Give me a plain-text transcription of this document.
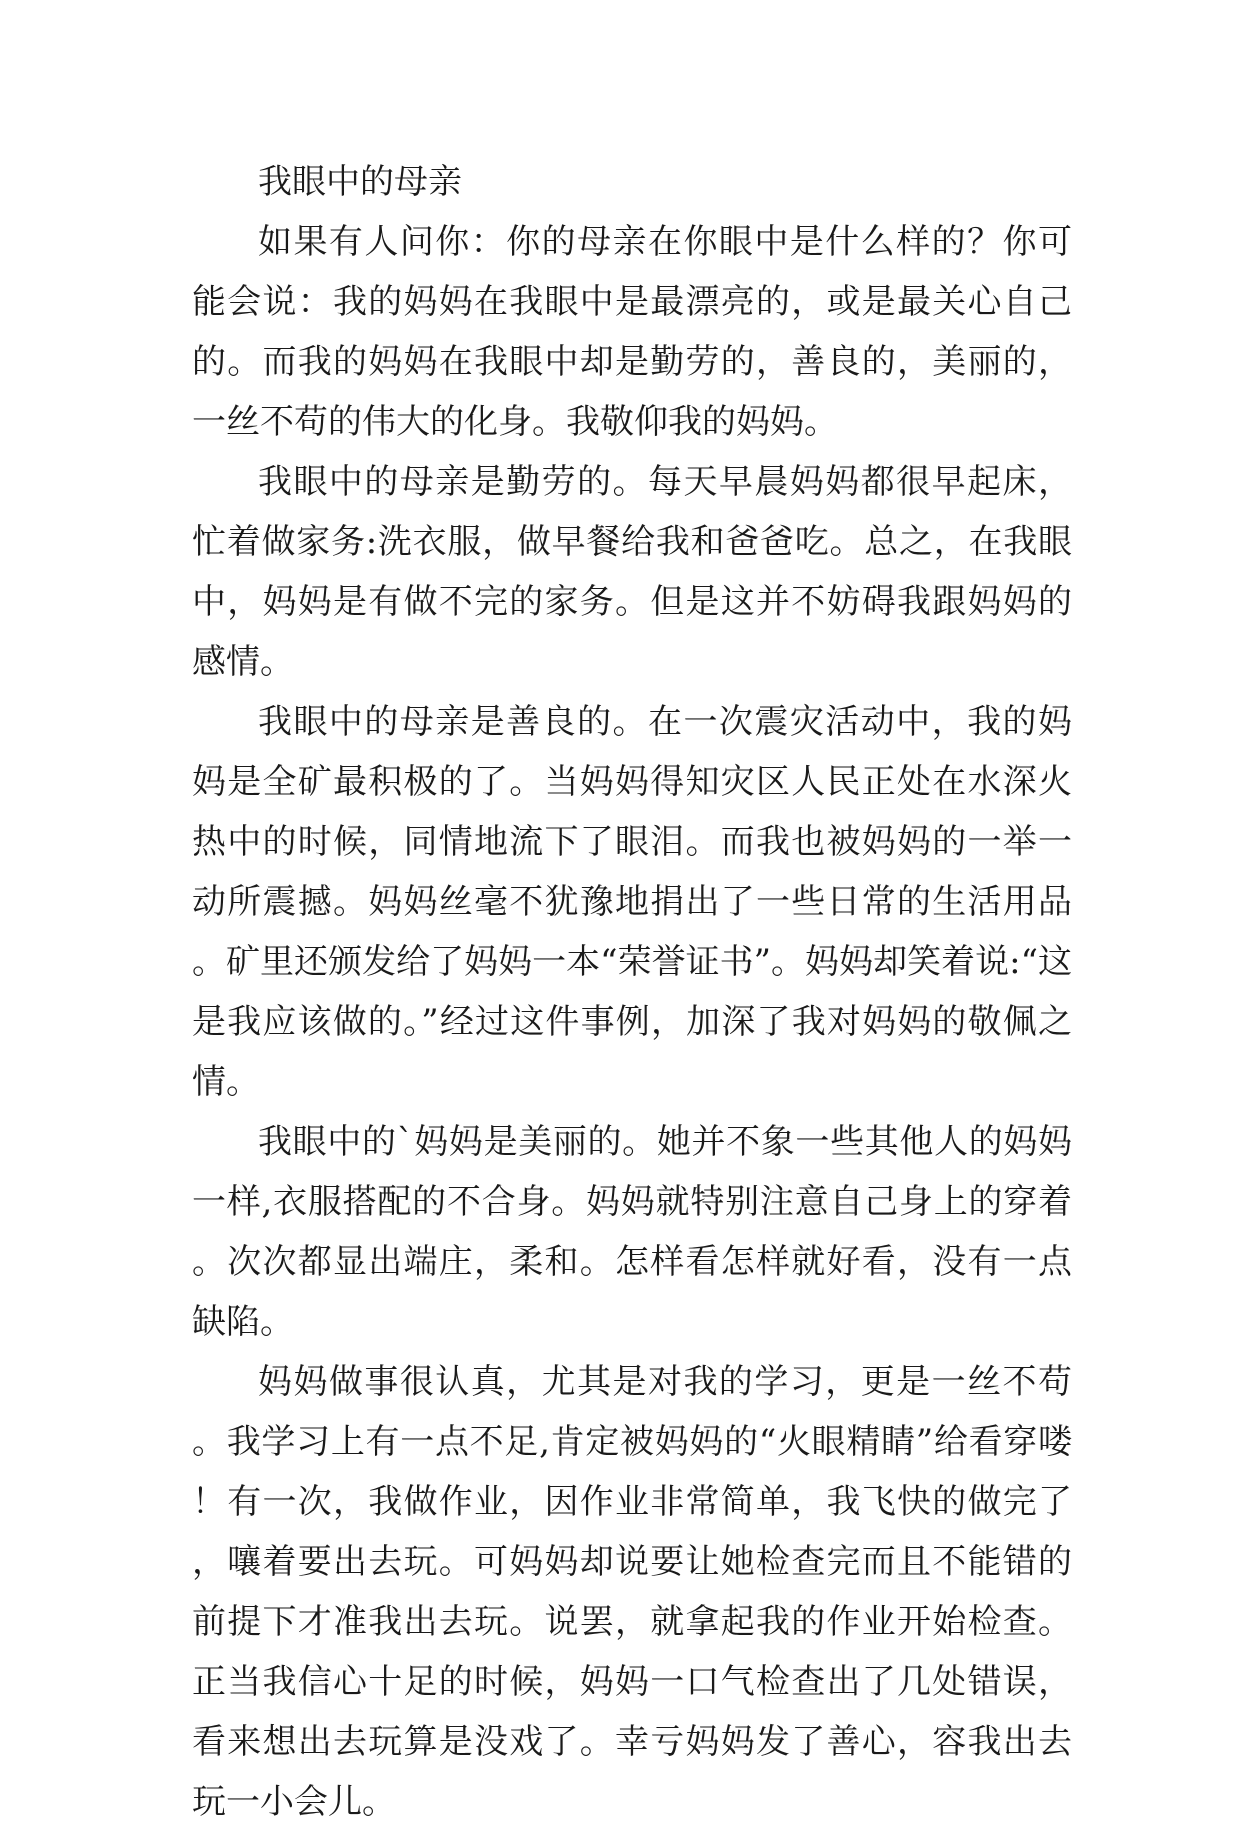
我眼中的母亲

如果有人问你：你的母亲在你眼中是什么样的？你可能会说：我的妈妈在我眼中是最漂亮的，或是最关心自己的。而我的妈妈在我眼中却是勤劳的，善良的，美丽的，一丝不苟的伟大的化身。我敬仰我的妈妈。

我眼中的母亲是勤劳的。每天早晨妈妈都很早起床，忙着做家务:洗衣服，做早餐给我和爸爸吃。总之，在我眼中，妈妈是有做不完的家务。但是这并不妨碍我跟妈妈的感情。

我眼中的母亲是善良的。在一次震灾活动中，我的妈妈是全矿最积极的了。当妈妈得知灾区人民正处在水深火热中的时候，同情地流下了眼泪。而我也被妈妈的一举一动所震撼。妈妈丝毫不犹豫地捐出了一些日常的生活用品。矿里还颁发给了妈妈一本“荣誉证书”。妈妈却笑着说:“这是我应该做的。”经过这件事例，加深了我对妈妈的敬佩之情。

我眼中的`妈妈是美丽的。她并不象一些其他人的妈妈一样,衣服搭配的不合身。妈妈就特别注意自己身上的穿着。次次都显出端庄，柔和。怎样看怎样就好看，没有一点缺陷。

妈妈做事很认真，尤其是对我的学习，更是一丝不苟。我学习上有一点不足,肯定被妈妈的“火眼精睛”给看穿喽！有一次，我做作业，因作业非常简单，我飞快的做完了，嚷着要出去玩。可妈妈却说要让她检查完而且不能错的前提下才准我出去玩。说罢，就拿起我的作业开始检查。正当我信心十足的时候，妈妈一口气检查出了几处错误，看来想出去玩算是没戏了。幸亏妈妈发了善心，容我出去玩一小会儿。
